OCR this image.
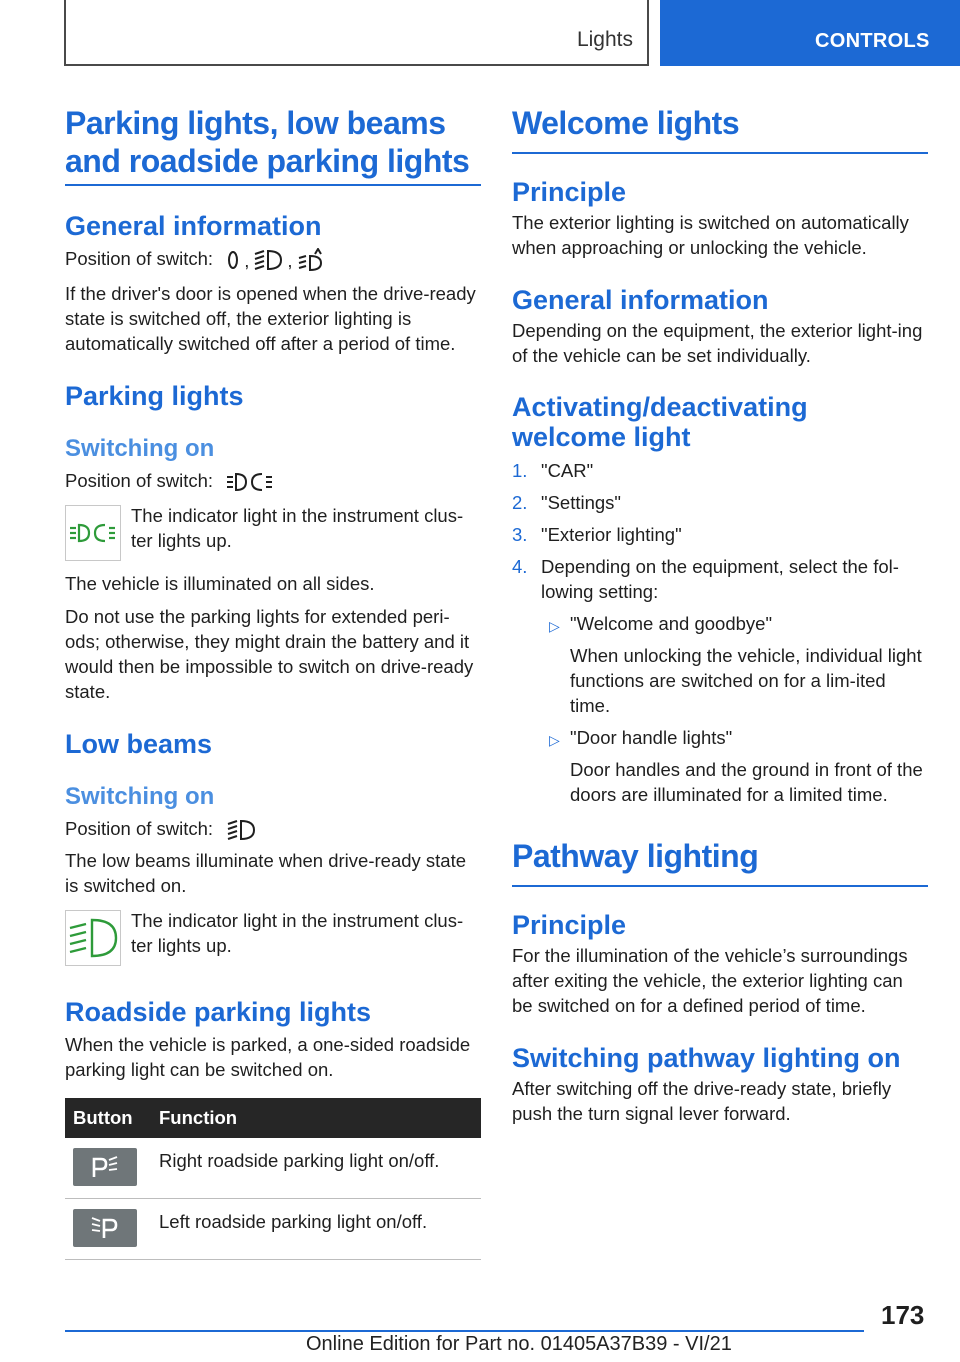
Lights	CONTROLS
Parking lights, low beams and roadside parking lights
General information

Position of switch: , ,

If the driver's door is opened when the drive-ready state is switched off, the exterior lighting is automatically switched off after a period of time.

Parking lights
Switching on

Position of switch:

The indicator light in the instrument clus-ter lights up.

The vehicle is illuminated on all sides.

Do not use the parking lights for extended peri-ods; otherwise, they might drain the battery and it would then be impossible to switch on drive-ready state.

Low beams
Switching on

Position of switch:

The low beams illuminate when drive-ready state is switched on.

The indicator light in the instrument clus-ter lights up.

Roadside parking lights

When the vehicle is parked, a one-sided roadside parking light can be switched on.

Button	Function

	Right roadside parking light on/off.

	Left roadside parking light on/off.
Welcome lights
Principle

The exterior lighting is switched on automatically when approaching or unlocking the vehicle.

General information

Depending on the equipment, the exterior light-ing of the vehicle can be set individually.

Activating/deactivating welcome light
1. "CAR"
2. "Settings"
3. "Exterior lighting"
4. Depending on the equipment, select the fol-lowing setting:
▷ "Welcome and goodbye"
When unlocking the vehicle, individual light functions are switched on for a lim-ited time.
▷ "Door handle lights"
Door handles and the ground in front of the doors are illuminated for a limited time.
Pathway lighting
Principle

For the illumination of the vehicle’s surroundings after exiting the vehicle, the exterior lighting can be switched on for a defined period of time.

Switching pathway lighting on

After switching off the drive-ready state, briefly push the turn signal lever forward.

173
Online Edition for Part no. 01405A37B39 - VI/21
